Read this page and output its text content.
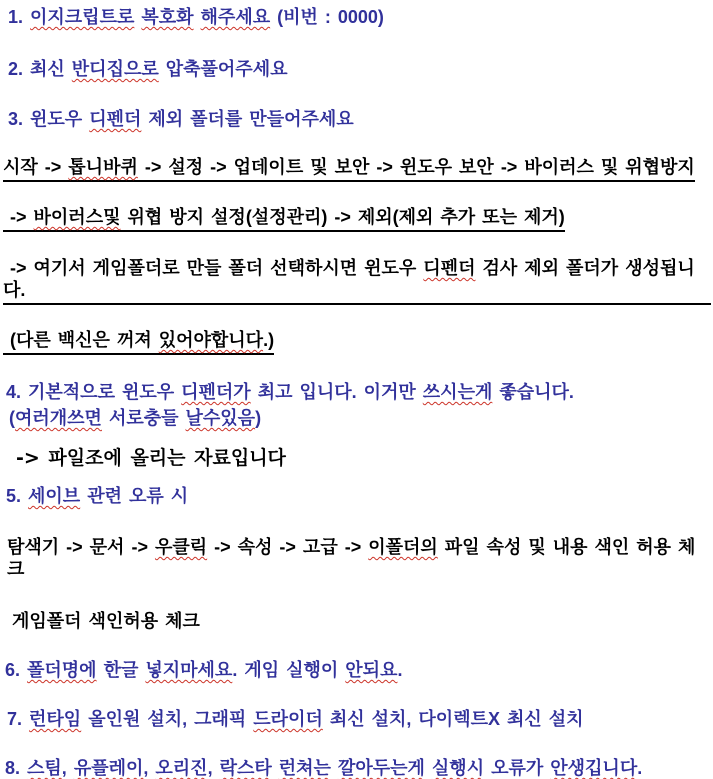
1. 이지크립트로 복호화 해주세요 (비번 : 0000)
2. 최신 반디집으로 압축풀어주세요
3. 윈도우 디펜더 제외 폴더를 만들어주세요
시작 -> 톱니바퀴 -> 설정 -> 업데이트 및 보안 -> 윈도우 보안 -> 바이러스 및 위협방지
-> 바이러스및 위협 방지 설정(설정관리) -> 제외(제외 추가 또는 제거)
-> 여기서 게임폴더로 만들 폴더 선택하시면 윈도우 디펜더 검사 제외 폴더가 생성됩니다.
(다른 백신은 꺼져 있어야합니다.)
4. 기본적으로 윈도우 디펜더가 최고 입니다. 이거만 쓰시는게 좋습니다.
(여러개쓰면 서로충들 날수있음)
-> 파일조에 올리는 자료입니다
5. 세이브 관련 오류 시
탐색기 -> 문서 -> 우클릭 -> 속성 -> 고급 -> 이폴더의 파일 속성 및 내용 색인 허용 체크
게임폴더 색인허용 체크
6. 폴더명에 한글 넣지마세요. 게임 실행이 안되요.
7. 런타임 올인원 설치, 그래픽 드라이더 최신 설치, 다이렉트X 최신 설치
8. 스팀, 유플레이, 오리진, 락스타 런쳐는 깔아두는게 실행시 오류가 안생깁니다.
